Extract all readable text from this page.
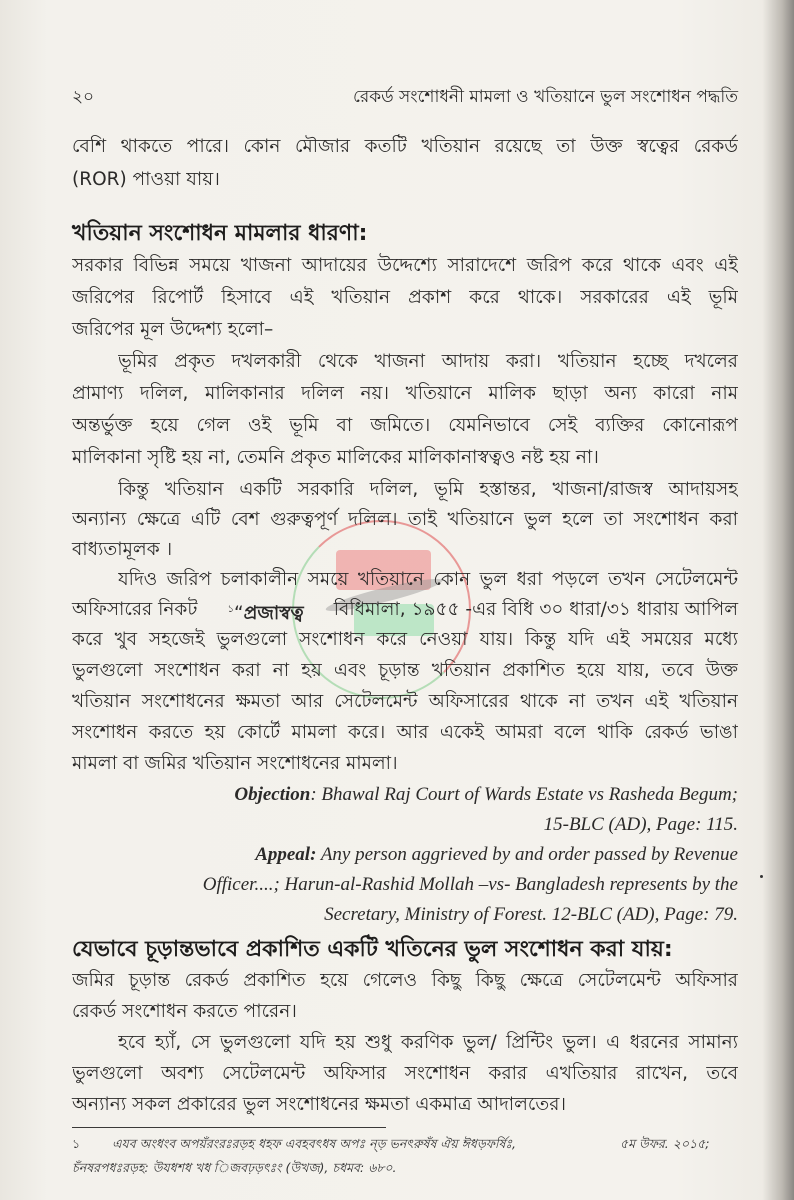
২০	রেকর্ড সংশোধনী মামলা ও খতিয়ানে ভুল সংশোধন পদ্ধতি
বেশি থাকতে পারে। কোন মৌজার কতটি খতিয়ান রয়েছে তা উক্ত স্বত্বের রেকর্ড
(ROR) পাওয়া যায়।
খতিয়ান সংশোধন মামলার ধারণা:
সরকার বিভিন্ন সময়ে খাজনা আদায়ের উদ্দেশ্যে সারাদেশে জরিপ করে থাকে এবং এই
জরিপের রিপোর্ট হিসাবে এই খতিয়ান প্রকাশ করে থাকে। সরকারের এই ভূমি
জরিপের মূল উদ্দেশ্য হলো–
ভূমির প্রকৃত দখলকারী থেকে খাজনা আদায় করা। খতিয়ান হচ্ছে দখলের
প্রামাণ্য দলিল, মালিকানার দলিল নয়। খতিয়ানে মালিক ছাড়া অন্য কারো নাম
অন্তর্ভুক্ত হয়ে গেল ওই ভূমি বা জমিতে। যেমনিভাবে সেই ব্যক্তির কোনোরূপ
মালিকানা সৃষ্টি হয় না, তেমনি প্রকৃত মালিকের মালিকানাস্বত্বও নষ্ট হয় না।
কিন্তু খতিয়ান একটি সরকারি দলিল, ভূমি হস্তান্তর, খাজনা/রাজস্ব আদায়সহ
অন্যান্য ক্ষেত্রে এটি বেশ গুরুত্বপূর্ণ দলিল। তাই খতিয়ানে ভুল হলে তা সংশোধন করা
বাধ্যতামূলক ।
যদিও জরিপ চলাকালীন সময়ে খতিয়ানে কোন ভুল ধরা পড়লে তখন সেটেলমেন্ট
অফিসারের নিকট	$^১$“প্রজাস্বত্ব বিধিমালা, ১৯৫৫ -এর বিধি ৩০ ধারা/৩১ ধারায় আপিল
করে খুব সহজেই ভুলগুলো সংশোধন করে নেওয়া যায়। কিন্তু যদি এই সময়ের মধ্যে
ভুলগুলো সংশোধন করা না হয় এবং চূড়ান্ত খতিয়ান প্রকাশিত হয়ে যায়, তবে উক্ত
খতিয়ান সংশোধনের ক্ষমতা আর সেটেলমেন্ট অফিসারের থাকে না তখন এই খতিয়ান
সংশোধন করতে হয় কোর্টে মামলা করে। আর একেই আমরা বলে থাকি রেকর্ড ভাঙা
মামলা বা জমির খতিয়ান সংশোধনের মামলা।
Objection: Bhawal Raj Court of Wards Estate vs Rasheda Begum;
15-BLC (AD), Page: 115.
Appeal: Any person aggrieved by and order passed by Revenue
Officer....; Harun-al-Rashid Mollah –vs- Bangladesh represents by the
Secretary, Ministry of Forest. 12-BLC (AD), Page: 79.
যেভাবে চূড়ান্তভাবে প্রকাশিত একটি খতিনের ভুল সংশোধন করা যায়:
জমির চূড়ান্ত রেকর্ড প্রকাশিত হয়ে গেলেও কিছু কিছু ক্ষেত্রে সেটেলমেন্ট অফিসার
রেকর্ড সংশোধন করতে পারেন।
হবে হ্যাঁ, সে ভুলগুলো যদি হয় শুধু করণিক ভুল/ প্রিন্টিং ভুল। এ ধরনের সামান্য
ভুলগুলো অবশ্য সেটেলমেন্ট অফিসার সংশোধন করার এখতিয়ার রাখেন, তবে
অন্যান্য সকল প্রকারের ভুল সংশোধনের ক্ষমতা একমাত্র আদালতের।
১	এযব অংধংব অপয়ঁরংরঃরড়হ ধহফ এবহবৎধষ অপঃ ন্ড় ভনৎরুষঁষ ঐয় ঈধড়ফর্ষিঃ,	৫ম উফর. ২০১৫;
চঁনষরপধঃরড়হ: উযধশধ খধ িজবঢ়ড়ৎঃং (উখজ), চধমব: ৬৮০.
